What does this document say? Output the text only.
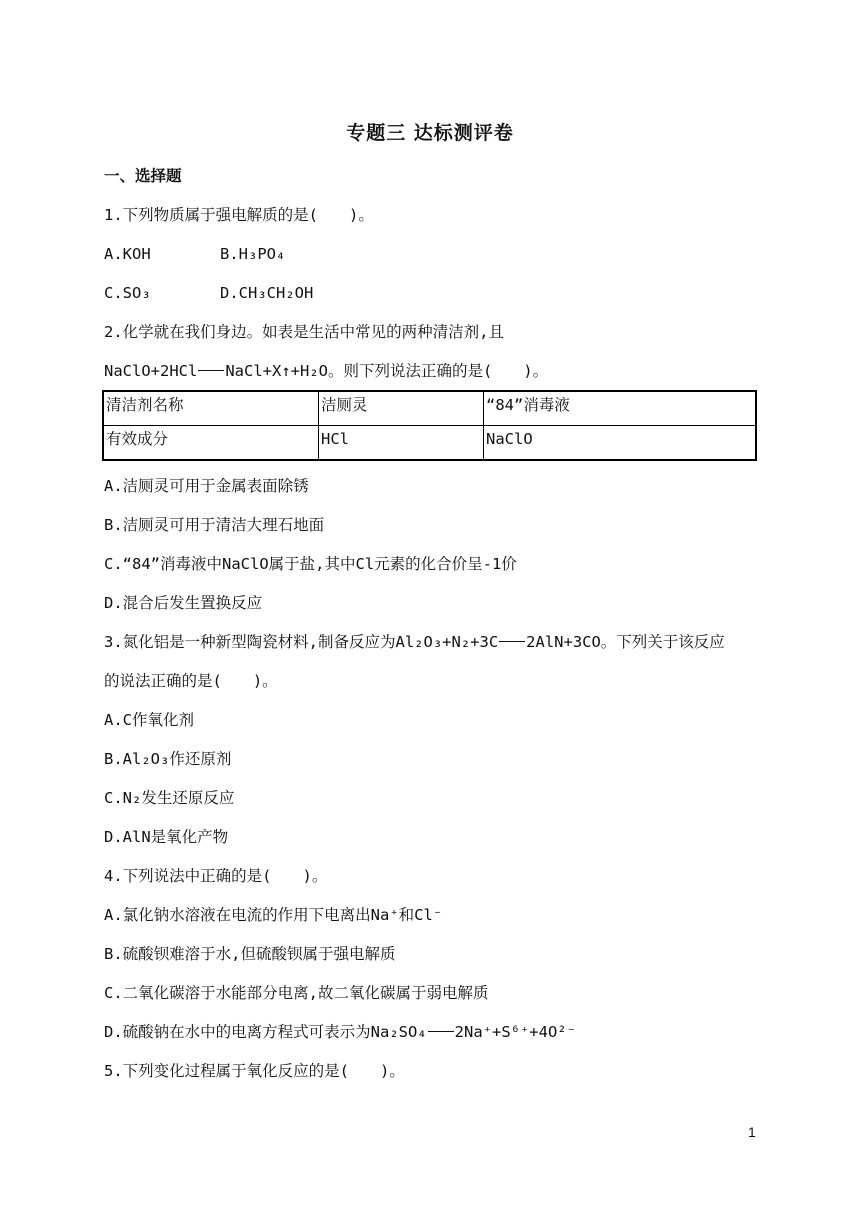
专题三 达标测评卷
一、选择题
1.下列物质属于强电解质的是(　　)。
A.KOH	B.H₃PO₄
C.SO₃	D.CH₃CH₂OH
2.化学就在我们身边。如表是生活中常见的两种清洁剂,且
NaClO+2HCl NaCl+X↑+H₂O。则下列说法正确的是(　　)。
清洁剂名称	洁厕灵	“84”消毒液
有效成分	HCl	NaClO
A.洁厕灵可用于金属表面除锈
B.洁厕灵可用于清洁大理石地面
C.“84”消毒液中NaClO属于盐,其中Cl元素的化合价呈-1价
D.混合后发生置换反应
3.氮化铝是一种新型陶瓷材料,制备反应为Al₂O₃+N₂+3C 2AlN+3CO。下列关于该反应
的说法正确的是(　　)。
A.C作氧化剂
B.Al₂O₃作还原剂
C.N₂发生还原反应
D.AlN是氧化产物
4.下列说法中正确的是(　　)。
A.氯化钠水溶液在电流的作用下电离出Na⁺和Cl⁻
B.硫酸钡难溶于水,但硫酸钡属于强电解质
C.二氧化碳溶于水能部分电离,故二氧化碳属于弱电解质
D.硫酸钠在水中的电离方程式可表示为Na₂SO₄ 2Na⁺+S⁶⁺+4O²⁻
5.下列变化过程属于氧化反应的是(　　)。
1
